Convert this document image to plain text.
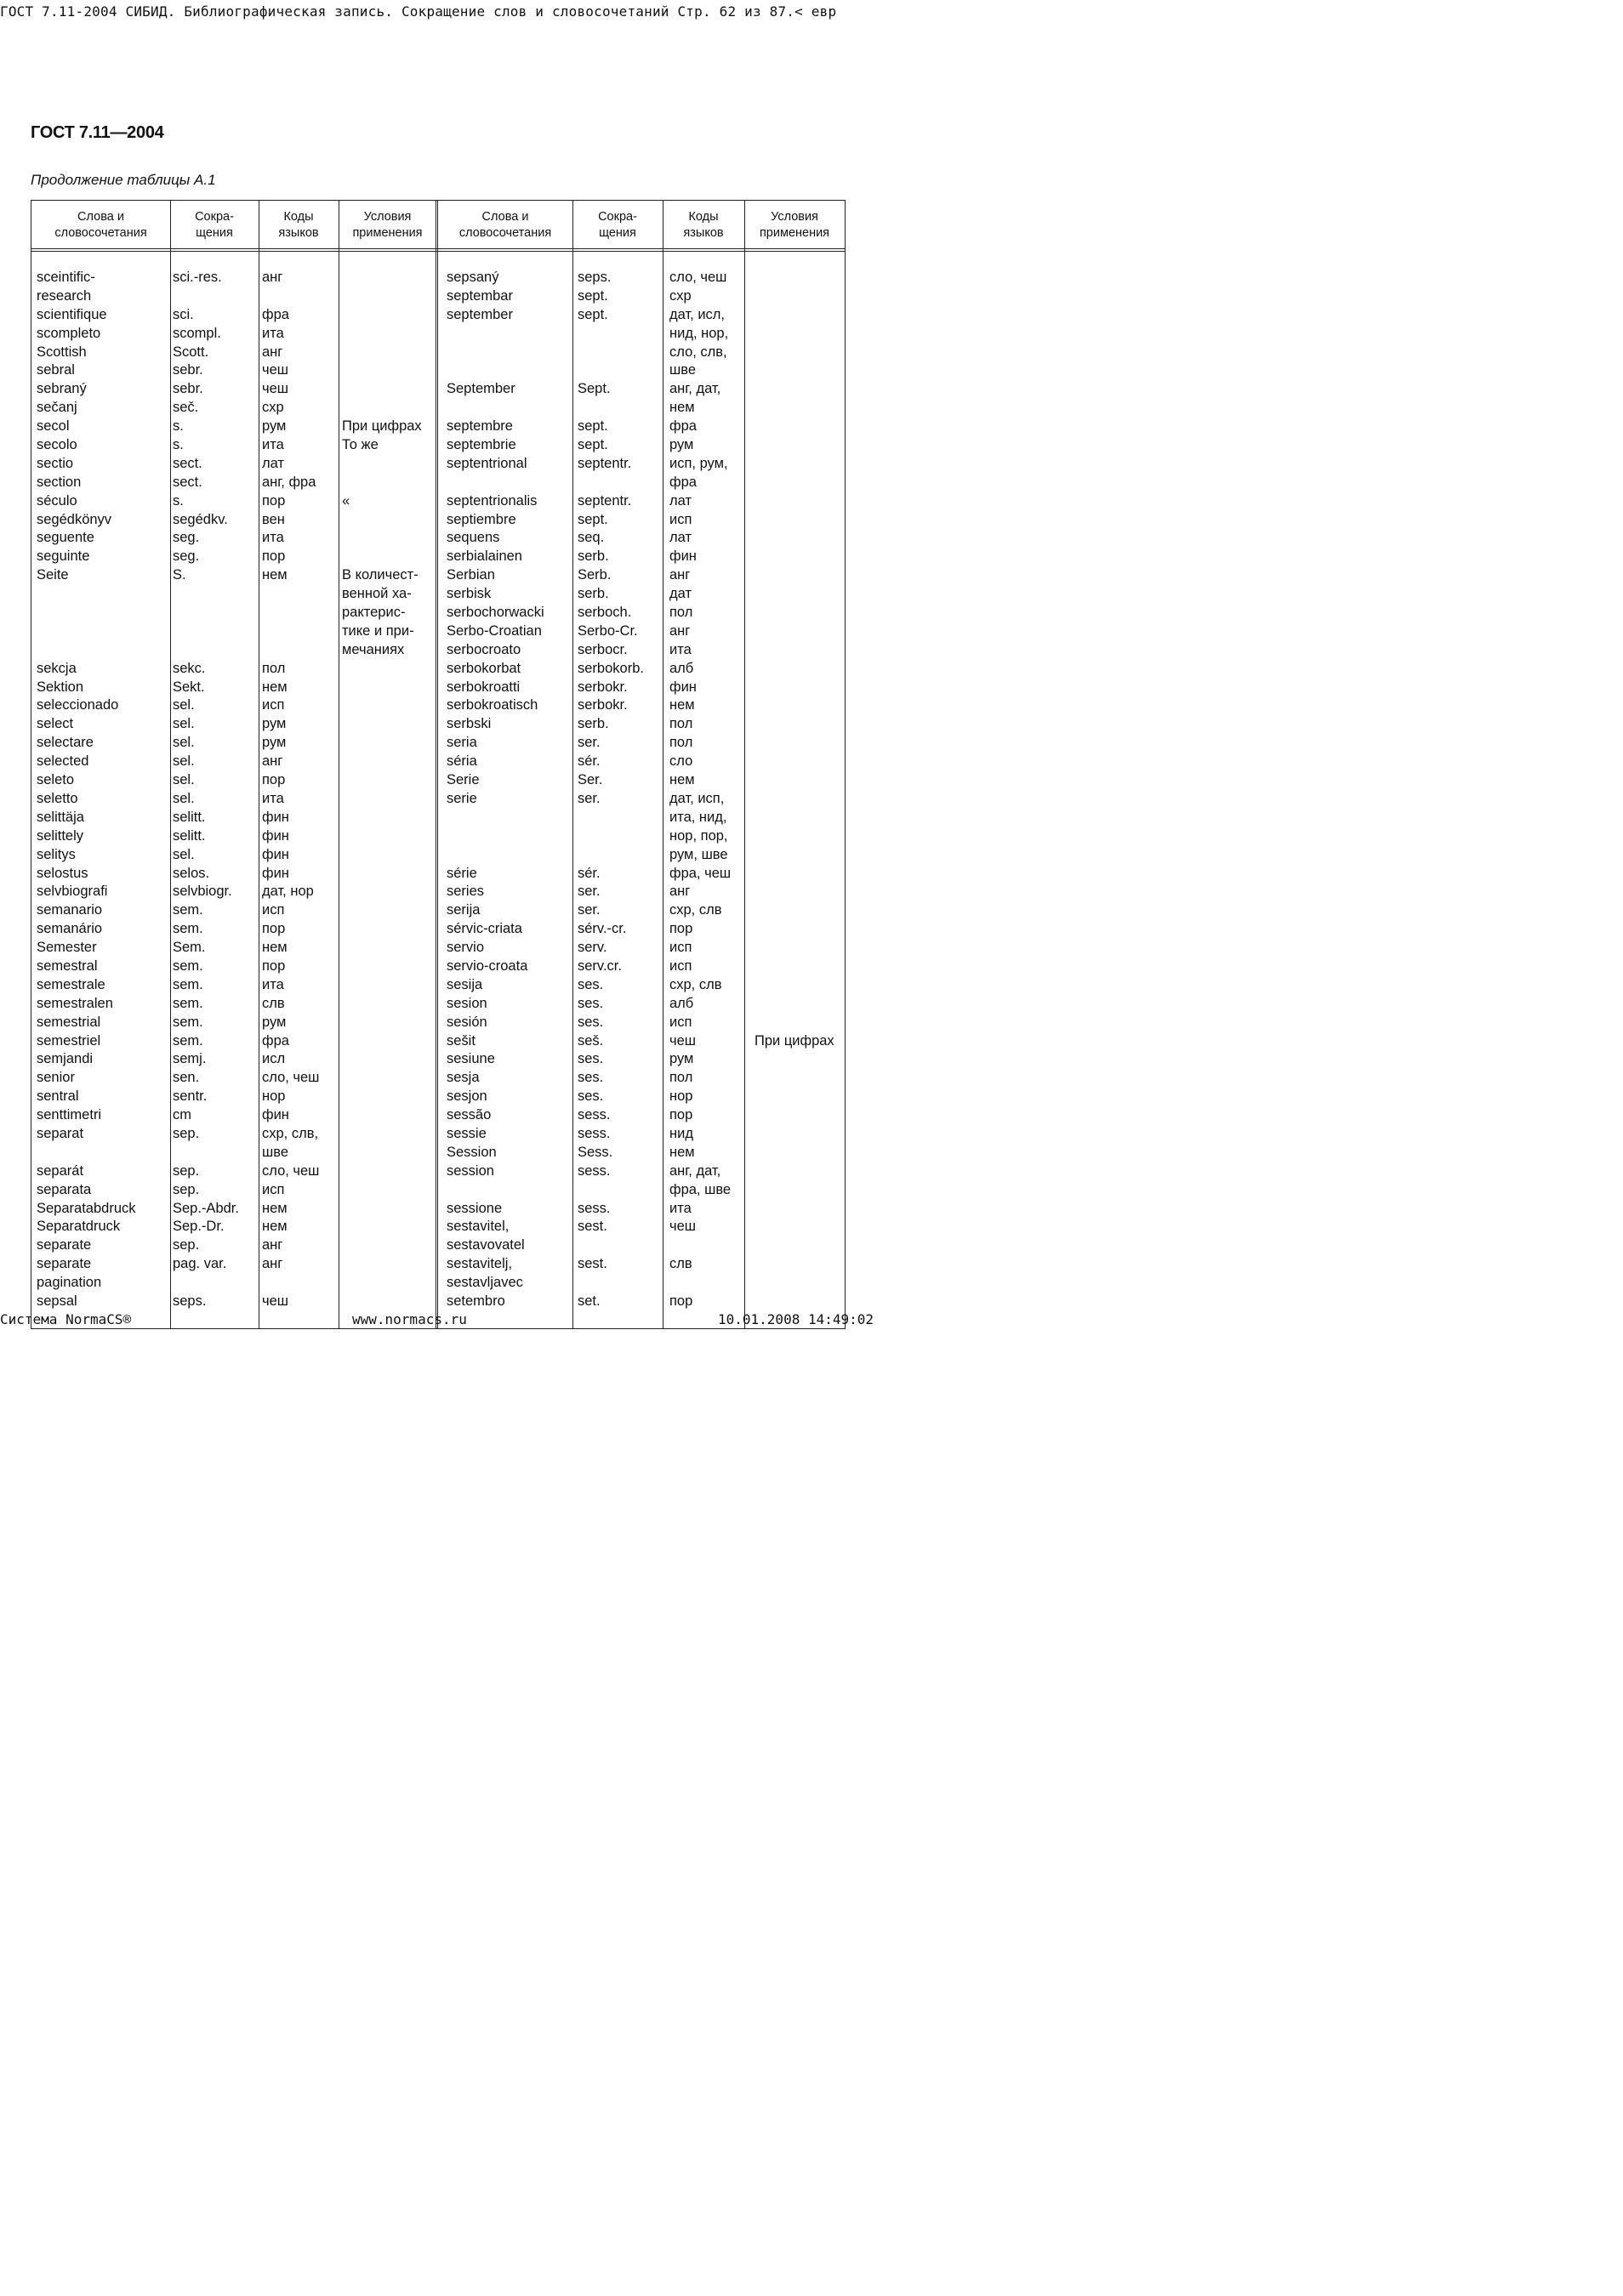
ГОСТ 7.11-2004 СИБИД. Библиографическая запись. Сокращение слов и словосочетаний Стр. 62 из 87.< евр
ГОСТ 7.11—2004
Продолжение таблицы А.1
Слова и
словосочетания
Сокра-
щения
Коды
языков
Условия
применения
Слова и
словосочетания
Сокра-
щения
Коды
языков
Условия
применения
sceintific-
research
scientifique
scompleto
Scottish
sebral
sebraný
sečanj
secol
secolo
sectio
section
século
segédkönyv
seguente
seguinte
Seite
sekcja
Sektion
seleccionado
select
selectare
selected
seleto
seletto
selittäja
selittely
selitys
selostus
selvbiografi
semanario
semanário
Semester
semestral
semestrale
semestralen
semestrial
semestriel
semjandi
senior
sentral
senttimetri
separat
separát
separata
Separatabdruck
Separatdruck
separate
separate
pagination
sepsal
sci.-res.
sci.
scompl.
Scott.
sebr.
sebr.
seč.
s.
s.
sect.
sect.
s.
segédkv.
seg.
seg.
S.
sekc.
Sekt.
sel.
sel.
sel.
sel.
sel.
sel.
selitt.
selitt.
sel.
selos.
selvbiogr.
sem.
sem.
Sem.
sem.
sem.
sem.
sem.
sem.
semj.
sen.
sentr.
cm
sep.
sep.
sep.
Sep.-Abdr.
Sep.-Dr.
sep.
pag. var.
seps.
анг
фра
ита
анг
чеш
чеш
схр
рум
ита
лат
анг, фра
пор
вен
ита
пор
нем
пол
нем
исп
рум
рум
анг
пор
ита
фин
фин
фин
фин
дат, нор
исп
пор
нем
пор
ита
слв
рум
фра
исл
сло, чеш
нор
фин
схр, слв,
шве
сло, чеш
исп
нем
нем
анг
анг
чеш
При цифрах
То же
«
В количест-
венной ха-
рактерис-
тике и при-
мечаниях
sepsaný
septembar
september
September
septembre
septembrie
septentrional
septentrionalis
septiembre
sequens
serbialainen
Serbian
serbisk
serbochorwacki
Serbo-Croatian
serbocroato
serbokorbat
serbokroatti
serbokroatisch
serbski
seria
séria
Serie
serie
série
series
serija
sérvic-criata
servio
servio-croata
sesija
sesion
sesión
sešit
sesiune
sesja
sesjon
sessão
sessie
Session
session
sessione
sestavitel,
sestavovatel
sestavitelj,
sestavljavec
setembro
seps.
sept.
sept.
Sept.
sept.
sept.
septentr.
septentr.
sept.
seq.
serb.
Serb.
serb.
serboch.
Serbo-Cr.
serbocr.
serbokorb.
serbokr.
serbokr.
serb.
ser.
sér.
Ser.
ser.
sér.
ser.
ser.
sérv.-cr.
serv.
serv.cr.
ses.
ses.
ses.
seš.
ses.
ses.
ses.
sess.
sess.
Sess.
sess.
sess.
sest.
sest.
set.
сло, чеш
схр
дат, исл,
нид, нор,
сло, слв,
шве
анг, дат,
нем
фра
рум
исп, рум,
фра
лат
исп
лат
фин
анг
дат
пол
анг
ита
алб
фин
нем
пол
пол
сло
нем
дат, исп,
ита, нид,
нор, пор,
рум, шве
фра, чеш
анг
схр, слв
пор
исп
исп
схр, слв
алб
исп
чеш
рум
пол
нор
пор
нид
нем
анг, дат,
фра, шве
ита
чеш
слв
пор
При цифрах
Система NormaCS®	www.normacs.ru	10.01.2008 14:49:02
